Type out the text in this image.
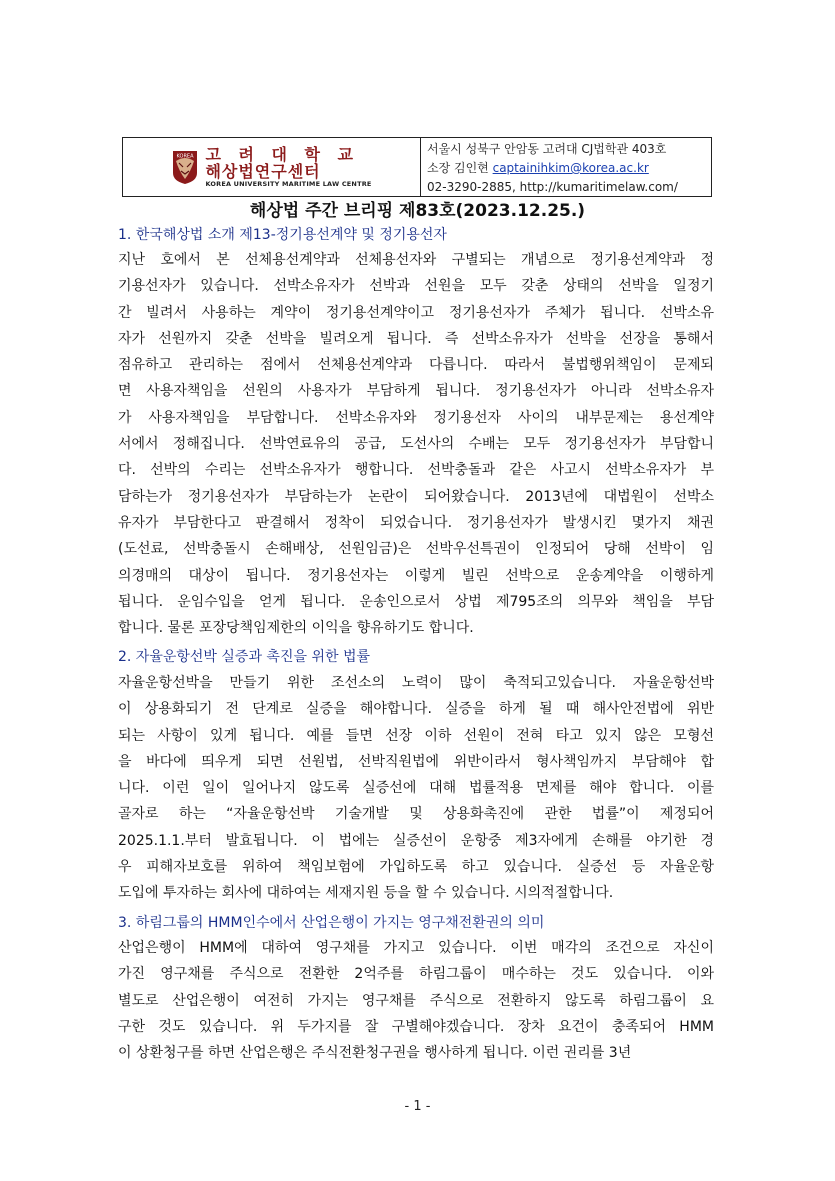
KOREA 고 려 대 학 교
해상법연구센터
KOREA UNIVERSITY MARITIME LAW CENTRE
서울시 성북구 안암동 고려대 CJ법학관 403호
소장 김인현 captainihkim@korea.ac.kr
02-3290-2885, http://kumaritimelaw.com/
해상법 주간 브리핑 제83호(2023.12.25.)
1. 한국해상법 소개 제13-정기용선계약 및 정기용선자
지난 호에서 본 선체용선계약과 선체용선자와 구별되는 개념으로 정기용선계약과 정
기용선자가 있습니다. 선박소유자가 선박과 선원을 모두 갖춘 상태의 선박을 일정기
간 빌려서 사용하는 계약이 정기용선계약이고 정기용선자가 주체가 됩니다. 선박소유
자가 선원까지 갖춘 선박을 빌려오게 됩니다. 즉 선박소유자가 선박을 선장을 통해서
점유하고 관리하는 점에서 선체용선계약과 다릅니다. 따라서 불법행위책임이 문제되
면 사용자책임을 선원의 사용자가 부담하게 됩니다. 정기용선자가 아니라 선박소유자
가 사용자책임을 부담합니다. 선박소유자와 정기용선자 사이의 내부문제는 용선계약
서에서 정해집니다. 선박연료유의 공급, 도선사의 수배는 모두 정기용선자가 부담합니
다. 선박의 수리는 선박소유자가 행합니다. 선박충돌과 같은 사고시 선박소유자가 부
담하는가 정기용선자가 부담하는가 논란이 되어왔습니다. 2013년에 대법원이 선박소
유자가 부담한다고 판결해서 정착이 되었습니다. 정기용선자가 발생시킨 몇가지 채권
(도선료, 선박충돌시 손해배상, 선원임금)은 선박우선특권이 인정되어 당해 선박이 임
의경매의 대상이 됩니다. 정기용선자는 이렇게 빌린 선박으로 운송계약을 이행하게
됩니다. 운임수입을 얻게 됩니다. 운송인으로서 상법 제795조의 의무와 책임을 부담
합니다. 물론 포장당책임제한의 이익을 향유하기도 합니다.
2. 자율운항선박 실증과 촉진을 위한 법률
자율운항선박을 만들기 위한 조선소의 노력이 많이 축적되고있습니다. 자율운항선박
이 상용화되기 전 단계로 실증을 해야합니다. 실증을 하게 될 때 해사안전법에 위반
되는 사항이 있게 됩니다. 예를 들면 선장 이하 선원이 전혀 타고 있지 않은 모형선
을 바다에 띄우게 되면 선원법, 선박직원법에 위반이라서 형사책임까지 부담해야 합
니다. 이런 일이 일어나지 않도록 실증선에 대해 법률적용 면제를 해야 합니다. 이를
골자로 하는 “자율운항선박 기술개발 및 상용화촉진에 관한 법률”이 제정되어
2025.1.1.부터 발효됩니다. 이 법에는 실증선이 운항중 제3자에게 손해를 야기한 경
우 피해자보호를 위하여 책임보험에 가입하도록 하고 있습니다. 실증선 등 자율운항
도입에 투자하는 회사에 대하여는 세재지원 등을 할 수 있습니다. 시의적절합니다.
3. 하림그룹의 HMM인수에서 산업은행이 가지는 영구채전환권의 의미
산업은행이 HMM에 대하여 영구채를 가지고 있습니다. 이번 매각의 조건으로 자신이
가진 영구채를 주식으로 전환한 2억주를 하림그룹이 매수하는 것도 있습니다. 이와
별도로 산업은행이 여전히 가지는 영구채를 주식으로 전환하지 않도록 하림그룹이 요
구한 것도 있습니다. 위 두가지를 잘 구별해야겠습니다. 장차 요건이 충족되어 HMM
이 상환청구를 하면 산업은행은 주식전환청구권을 행사하게 됩니다. 이런 권리를 3년
- 1 -
